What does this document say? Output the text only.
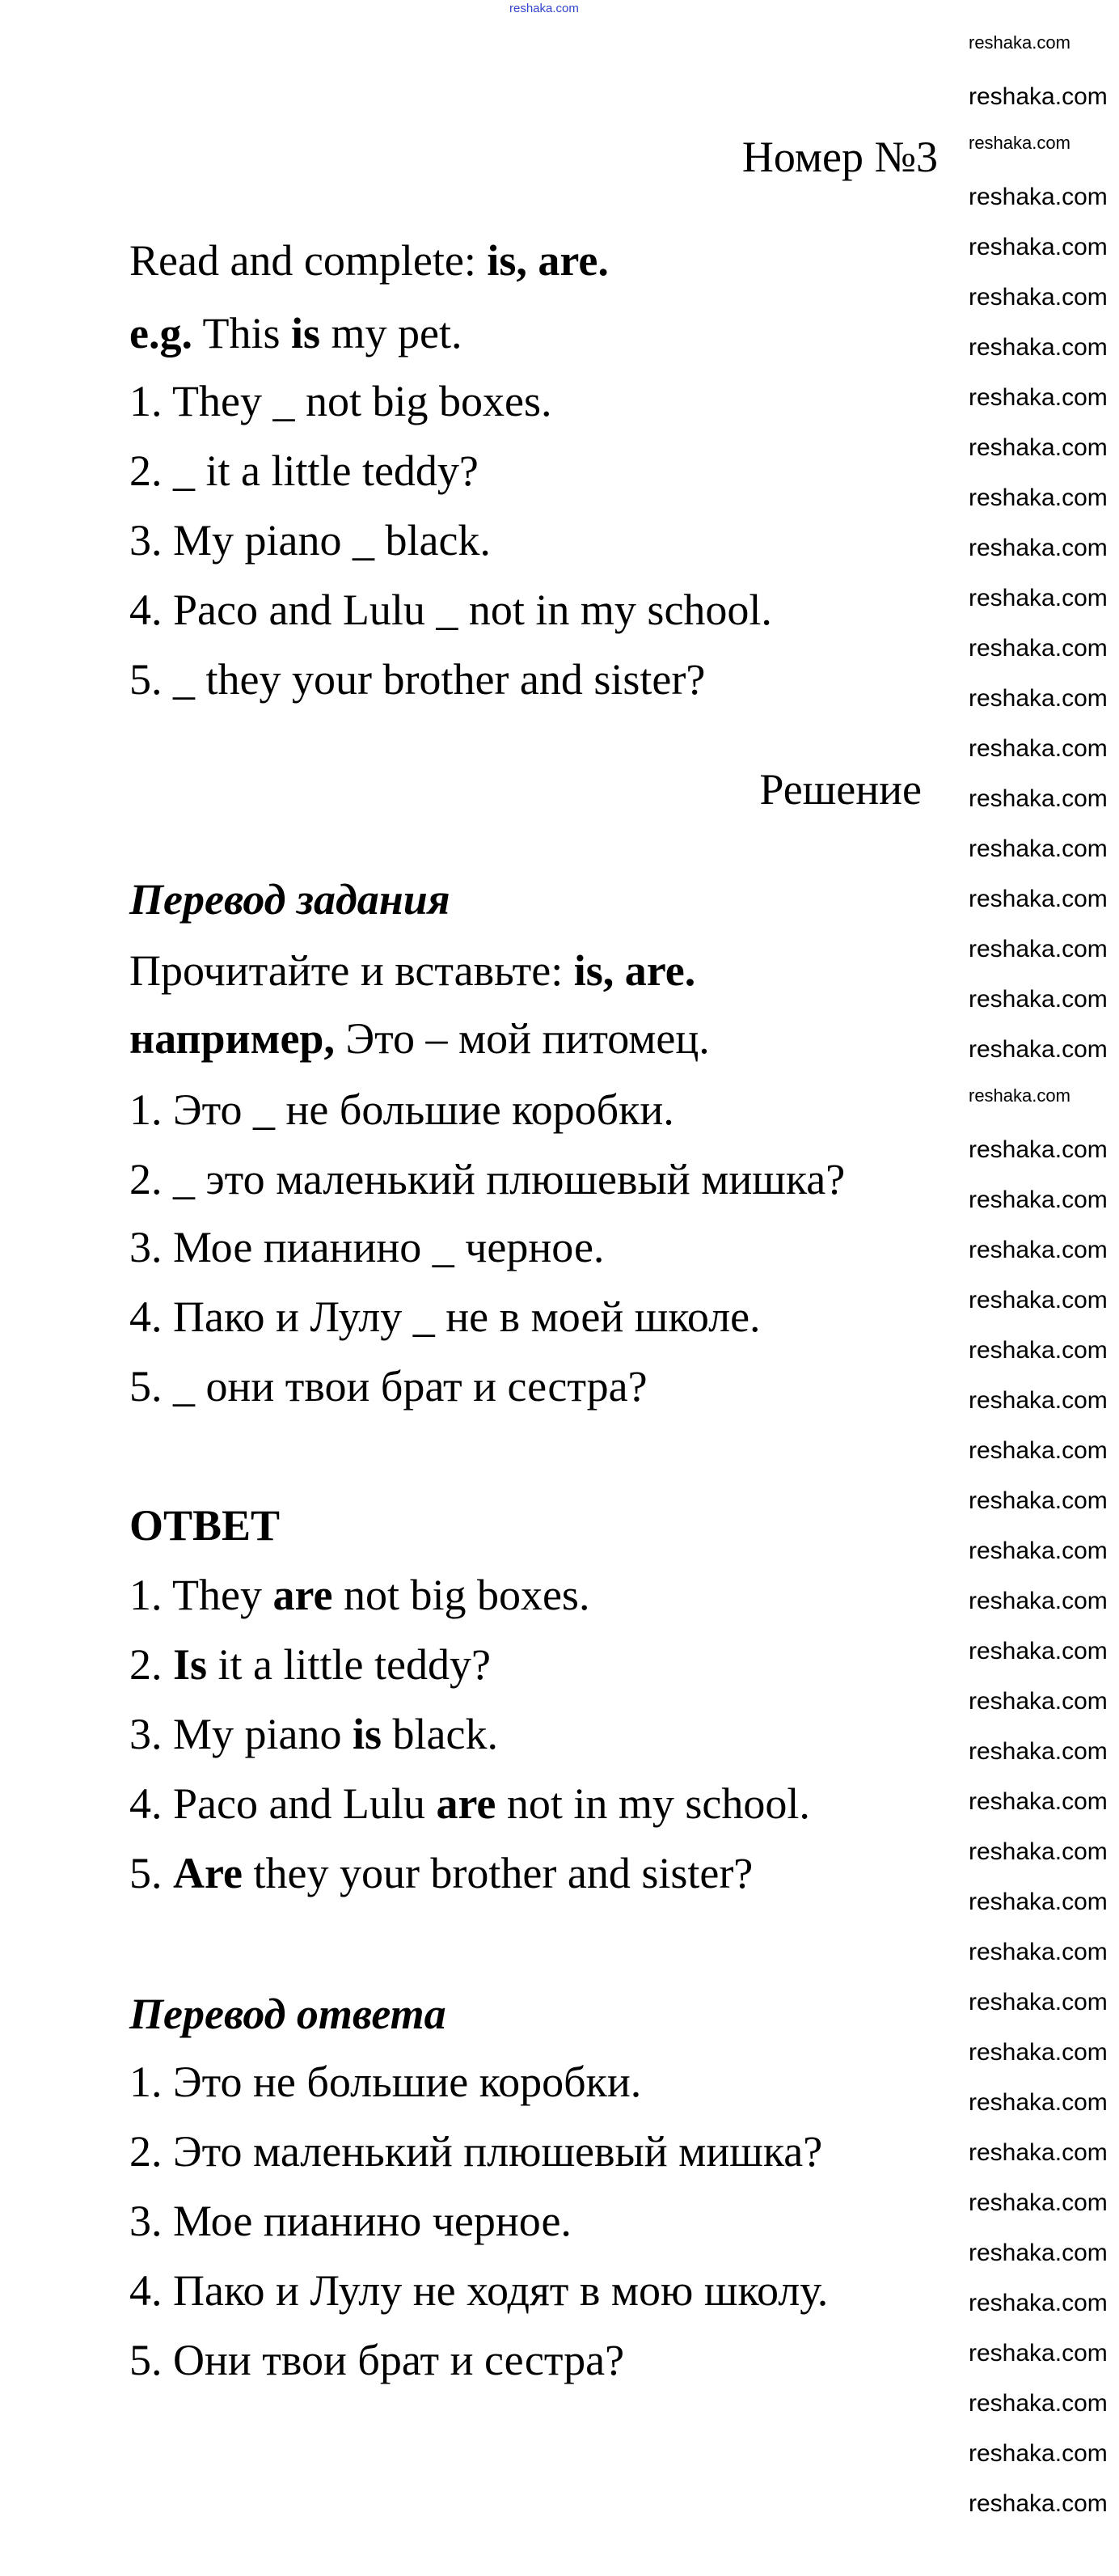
reshaka.com
Номер №3
Read and complete: is, are.
e.g. This is my pet.
1. They _ not big boxes.
2. _ it a little teddy?
3. My piano _ black.
4. Paco and Lulu _ not in my school.
5. _ they your brother and sister?
Решение
Перевод задания
Прочитайте и вставьте: is, are.
например, Это – мой питомец.
1. Это _ не большие коробки.
2. _ это маленький плюшевый мишка?
3. Мое пианино _ черное.
4. Пако и Лулу _ не в моей школе.
5. _ они твои брат и сестра?
ОТВЕТ
1. They are not big boxes.
2. Is it a little teddy?
3. My piano is black.
4. Paco and Lulu are not in my school.
5. Are they your brother and sister?
Перевод ответа
1. Это не большие коробки.
2. Это маленький плюшевый мишка?
3. Мое пианино черное.
4. Пако и Лулу не ходят в мою школу.
5. Они твои брат и сестра?
reshaka.com
reshaka.com
reshaka.com
reshaka.com
reshaka.com
reshaka.com
reshaka.com
reshaka.com
reshaka.com
reshaka.com
reshaka.com
reshaka.com
reshaka.com
reshaka.com
reshaka.com
reshaka.com
reshaka.com
reshaka.com
reshaka.com
reshaka.com
reshaka.com
reshaka.com
reshaka.com
reshaka.com
reshaka.com
reshaka.com
reshaka.com
reshaka.com
reshaka.com
reshaka.com
reshaka.com
reshaka.com
reshaka.com
reshaka.com
reshaka.com
reshaka.com
reshaka.com
reshaka.com
reshaka.com
reshaka.com
reshaka.com
reshaka.com
reshaka.com
reshaka.com
reshaka.com
reshaka.com
reshaka.com
reshaka.com
reshaka.com
reshaka.com
